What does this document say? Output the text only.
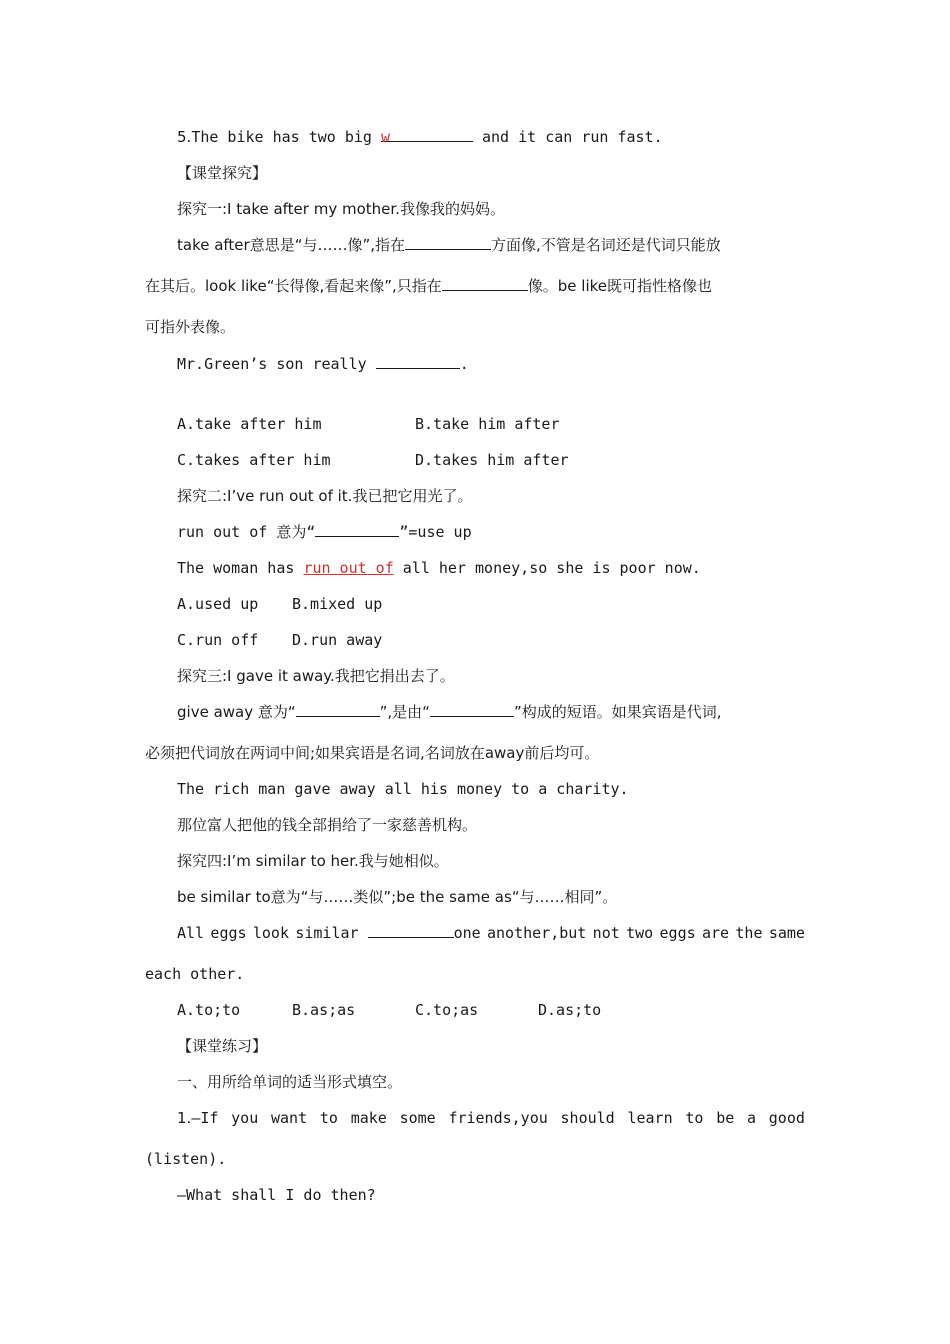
5.The bike has two big w	and it can run fast.
【课堂探究】
探究一:I take after my mother.我像我的妈妈。
take after意思是“与……像”,指在	方面像,不管是名词还是代词只能放
在其后。look like“长得像,看起来像”,只指在	像。be like既可指性格像也
可指外表像。
Mr.Green’s son really	.
A.take after him	B.take him after
C.takes after him	D.takes him after
探究二:I’ve run out of it.我已把它用光了。
run out of 意为“	”=use up
The woman has run out of all her money,so she is poor now.
A.used up B.mixed up
C.run off D.run away
探究三:I gave it away.我把它捐出去了。
give away 意为“	”,是由“	”构成的短语。如果宾语是代词,
必须把代词放在两词中间;如果宾语是名词,名词放在away前后均可。
The rich man gave away all his money to a charity.
那位富人把他的钱全部捐给了一家慈善机构。
探究四:I’m similar to her.我与她相似。
be similar to意为“与……类似”;be the same as“与……相同”。
All eggs look similar	one another,but not two eggs are the same
each other.
A.to;to	B.as;as	C.to;as	D.as;to
【课堂练习】
一、用所给单词的适当形式填空。
1.—If you want to make some friends,you should learn to be a good
(listen).
—What shall I do then?
